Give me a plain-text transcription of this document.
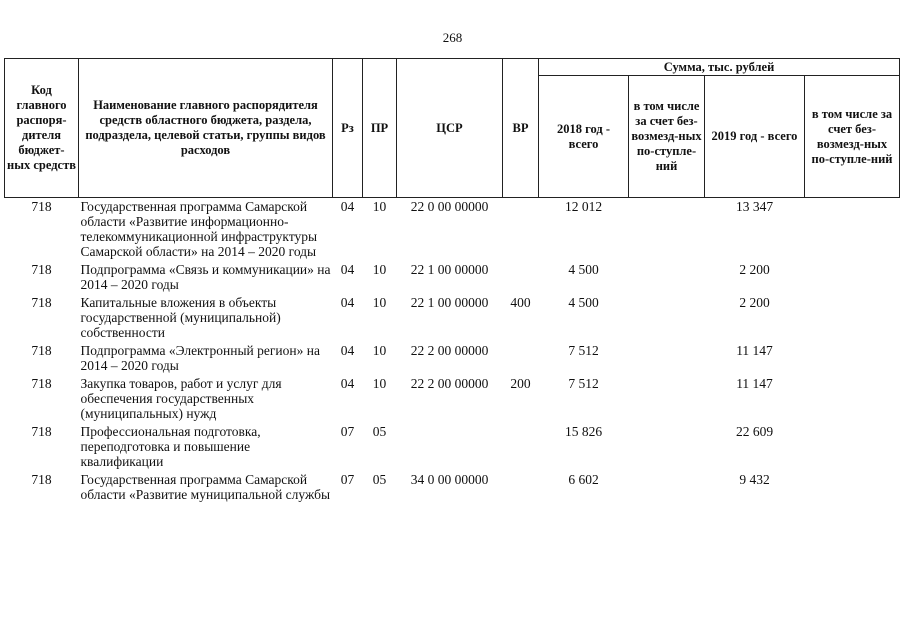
268
Код главного распоря-дителя бюджет-ных средств	Наименование главного распорядителя средств областного бюджета, раздела, подраздела, целевой статьи, группы видов расходов	Рз	ПР	ЦСР	ВР	Сумма, тыс. рублей			
						2018 год - всего	в том числе за счет без-возмезд-ных по-ступле-ний	2019 год - всего	в том числе за счет без-возмезд-ных по-ступле-ний
718	Государственная программа Самарской области «Развитие информационно-телекоммуникационной инфраструктуры Самарской области» на 2014 – 2020 годы	04	10	22 0 00 00000		12 012		13 347	
718	Подпрограмма «Связь и коммуникации» на 2014 – 2020 годы	04	10	22 1 00 00000		4 500		2 200	
718	Капитальные вложения в объекты государственной (муниципальной) собственности	04	10	22 1 00 00000	400	4 500		2 200	
718	Подпрограмма «Электронный регион» на 2014 – 2020 годы	04	10	22 2 00 00000		7 512		11 147	
718	Закупка товаров, работ и услуг для обеспечения государственных (муниципальных) нужд	04	10	22 2 00 00000	200	7 512		11 147	
718	Профессиональная подготовка, переподготовка и повышение квалификации	07	05			15 826		22 609	
718	Государственная программа Самарской области «Развитие муниципальной службы	07	05	34 0 00 00000		6 602		9 432	
